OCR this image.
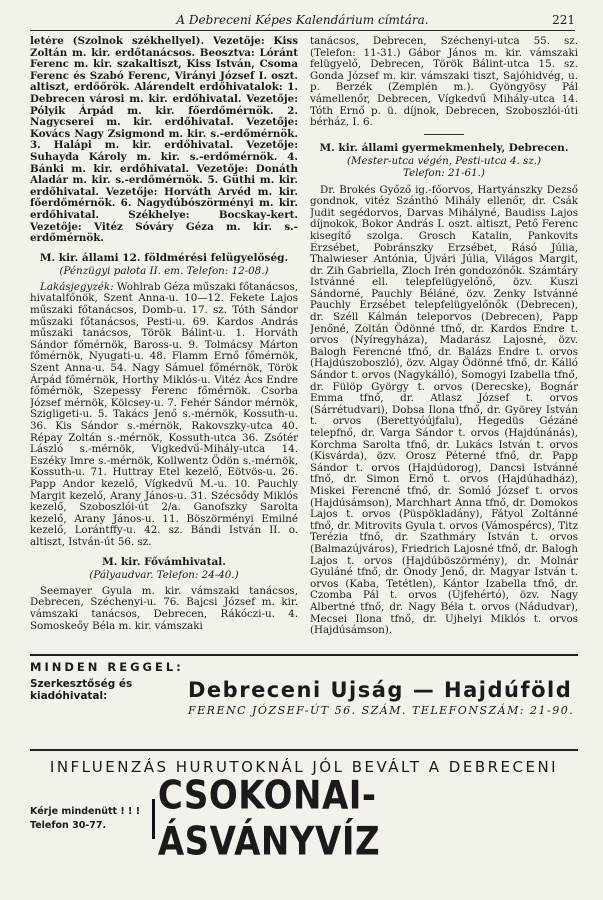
A Debreceni Képes Kalendárium címtára.	221

letére (Szolnok székhellyel). Vezetője: Kiss Zoltán m. kir. erdőtanácsos. Beosztva: Lóránt Ferenc m. kir. szakaltiszt, Kiss István, Csoma Ferenc és Szabó Ferenc, Virányi József I. oszt. altiszt, erdőőrök. Alárendelt erdőhivatalok: 1. Debrecen városi m. kir. erdőhivatal. Vezetője: Pólyik Árpád m. kir. főerdőmérnök. 2. Nagycserei m. kir. erdőhivatal. Vezetője: Kovács Nagy Zsigmond m. kir. s.-erdőmérnök. 3. Halápi m. kir. erdőhivatal. Vezetője: Suhayda Károly m. kir. s.-erdőmérnök. 4. Bánki m. kir. erdőhivatal. Vezetője: Donáth Aladár m. kir. s.-erdőmérnök. 5. Güthi m. kir. erdőhivatal. Vezetője: Horváth Arvéd m. kir. főerdőmérnök. 6. Nagydúbószörményi m. kir. erdőhivatal. Székhelye: Bocskay-kert. Vezetője: Vitéz Sóváry Géza m. kir. s.-erdőmérnök.

M. kir. állami 12. földmérési felügyelőség.
(Pénzügyi palota II. em. Telefon: 12-08.)

Lakásjegyzék: Wohlrab Géza műszaki főtanácsos, hivatalfőnök, Szent Anna-u. 10—12. Fekete Lajos műszaki főtanácsos, Domb-u. 17. sz. Tóth Sándor műszaki főtanácsos, Pesti-u. 69. Kardos András műszaki tanácsos, Török Bálint-u. 1. Horváth Sándor főmérnök, Baross-u. 9. Tolmácsy Márton főmérnök, Nyugati-u. 48. Flamm Ernő főmérnök, Szent Anna-u. 54. Nagy Sámuel főmérnök, Török Árpád főmérnök, Horthy Miklós-u. Vitéz Ács Endre főmérnök, Szepessy Ferenc főmérnök. Csorba József mérnök, Kölcsey-u. 7. Fehér Sándor mérnök, Szigligeti-u. 5. Takács Jenő s.-mérnök, Kossuth-u. 36. Kis Sándor s.-mérnök, Rakovszky-utca 40. Répay Zoltán s.-mérnök, Kossuth-utca 36. Zsótér László s.-mérnök, Vigkedvű-Mihály-utca 14. Eszéky Imre s.-mérnök, Kollwentz Ödön s.-mérnök, Kossuth-u. 71. Huttray Etel kezelő, Eötvös-u. 26. Papp Andor kezelő, Vígkedvű M.-u. 10. Pauchly Margit kezelő, Arany János-u. 31. Szécsődy Miklós kezelő, Szoboszlói-út 2/a. Ganofszky Sarolta kezelő, Arany János-u. 11. Böszörményi Emilné kezelő, Lorántffy-u. 42. sz. Bándi István II. o. altiszt, István-út 56. sz.

M. kir. Fővámhivatal.
(Pályaudvar. Telefon: 24-40.)

Seemayer Gyula m. kir. vámszaki tanácsos, Debrecen, Széchenyi-u. 76. Bajcsi József m. kir. vámszaki tanácsos, Debrecen, Rákóczi-u. 4. Somoskeőy Béla m. kir. vámszaki

tanácsos, Debrecen, Széchenyi-utca 55. sz. (Telefon: 11-31.) Gábor János m. kir. vámszaki felügyelő, Debrecen, Török Bálint-utca 15. sz. Gonda József m. kir. vámszaki tiszt, Sajóhidvég, u. p. Berzék (Zemplén m.). Gyöngyösy Pál vámellenőr, Debrecen, Vígkedvű Mihály-utca 14. Tóth Ernő p. ü. díjnok, Debrecen, Szoboszlói-úti bérház, I. 6.

M. kir. állami gyermekmenhely, Debrecen.
(Mester-utca végén, Pesti-utca 4. sz.)
Telefon: 21-61.)

Dr. Brokés Győző ig.-főorvos, Hartyánszky Dezső gondnok, vitéz Szánthó Mihály ellenőr, dr. Csák Judit segédorvos, Darvas Mihályné, Baudiss Lajos díjnokok, Bokor András I. oszt. altiszt, Pető Ferenc kisegítő szolga. Grosch Katalin, Pankovits Erzsébet, Pobránszky Erzsébet, Rásó Júlia, Thalwieser Antónia, Újvári Júlia, Világos Margit, dr. Zih Gabriella, Zloch Irén gondozónők. Számtáry Istvánné ell. telepfelügyelőnő, özv. Kuszi Sándorné, Pauchly Béláné, özv. Zenky Istvánné Pauchly Erzsébet telepfelügyelőnők (Debrecen), dr. Széll Kálmán teleporvos (Debrecen), Papp Jenőné, Zoltán Ödönné tfnő, dr. Kardos Endre t. orvos (Nyíregyháza), Madarász Lajosné, özv. Balogh Ferencné tfnő, dr. Balázs Endre t. orvos (Hajdúszoboszló), özv. Algay Ödönné tfnő, dr. Kálló Sándor t. orvos (Nagykálló), Somogyi Izabella tfnő, dr. Fülöp György t. orvos (Derecske), Bognár Emma tfnő, dr. Atlasz József t. orvos (Sárrétudvari), Dobsa Ilona tfnő, dr. Györey István t. orvos (Berettyóújfalu), Hegedüs Gézáné telepfnő, dr. Varga Sándor t. orvos (Hajdúnánás), Korchma Sarolta tfnő, dr. Lukács István t. orvos (Kisvárda), özv. Orosz Péterné tfnő, dr. Papp Sándor t. orvos (Hajdúdorog), Dancsi Istvánné tfnő, dr. Simon Ernő t. orvos (Hajdúhadház), Miskei Ferencné tfnő, dr. Somló József t. orvos (Hajdúsámson), Marchhart Anna tfnő, dr. Domokos Lajos t. orvos (Püspökladány), Fátyol Zoltánné tfnő, dr. Mitrovits Gyula t. orvos (Vámospércs), Titz Terézia tfnő, dr. Szathmáry István t. orvos (Balmazújváros), Friedrich Lajosné tfnő, dr. Balogh Lajos t. orvos (Hajdúböszörmény), dr. Molnár Gyuláné tfnő, dr. Ónody Jenő, dr. Magyar István t. orvos (Kaba, Tetétlen), Kántor Izabella tfnő, dr. Czomba Pál t. orvos (Újfehértó), özv. Nagy Albertné tfnő, dr. Nagy Béla t. orvos (Nádudvar), Mecsei Ilona tfnő, dr. Ujhelyi Miklós t. orvos (Hajdúsámson).

MINDEN REGGEL:
Szerkesztőség és kiadóhivatal:	Debreceni Ujság — Hajdúföld
FERENC JÓZSEF-ÚT 56. SZÁM. TELEFONSZÁM: 21-90.
INFLUENZÁS HURUTOKNÁL JÓL BEVÁLT A DEBRECENI
Kérje mindenütt ! ! !
Telefon 30-77.
CSOKONAI-ÁSVÁNYVÍZ
